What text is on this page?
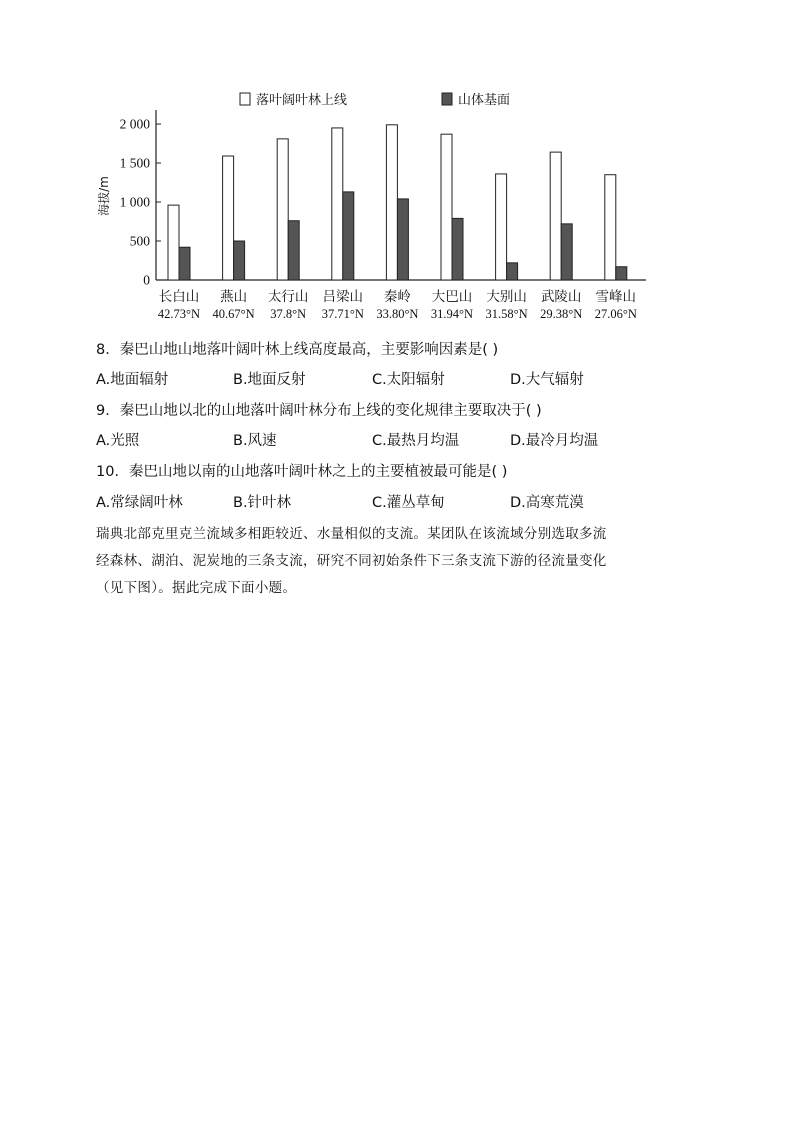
0
500
1 000
1 500
2 000
海拔/m
落叶阔叶林上线	山体基面
长白山
42.73°N
燕山
40.67°N
太行山
37.8°N
吕梁山
37.71°N
秦岭
33.80°N
大巴山
31.94°N
大别山
31.58°N
武陵山
29.38°N
雪峰山
27.06°N
8．秦巴山地山地落叶阔叶林上线高度最高，主要影响因素是( )
A.地面辐射	B.地面反射	C.太阳辐射	D.大气辐射
9．秦巴山地以北的山地落叶阔叶林分布上线的变化规律主要取决于( )
A.光照	B.风速	C.最热月均温	D.最冷月均温
10．秦巴山地以南的山地落叶阔叶林之上的主要植被最可能是( )
A.常绿阔叶林	B.针叶林	C.灌丛草甸	D.高寒荒漠
瑞典北部克里克兰流域多相距较近、水量相似的支流。某团队在该流域分别选取多流
经森林、湖泊、泥炭地的三条支流，研究不同初始条件下三条支流下游的径流量变化
（见下图）。据此完成下面小题。
